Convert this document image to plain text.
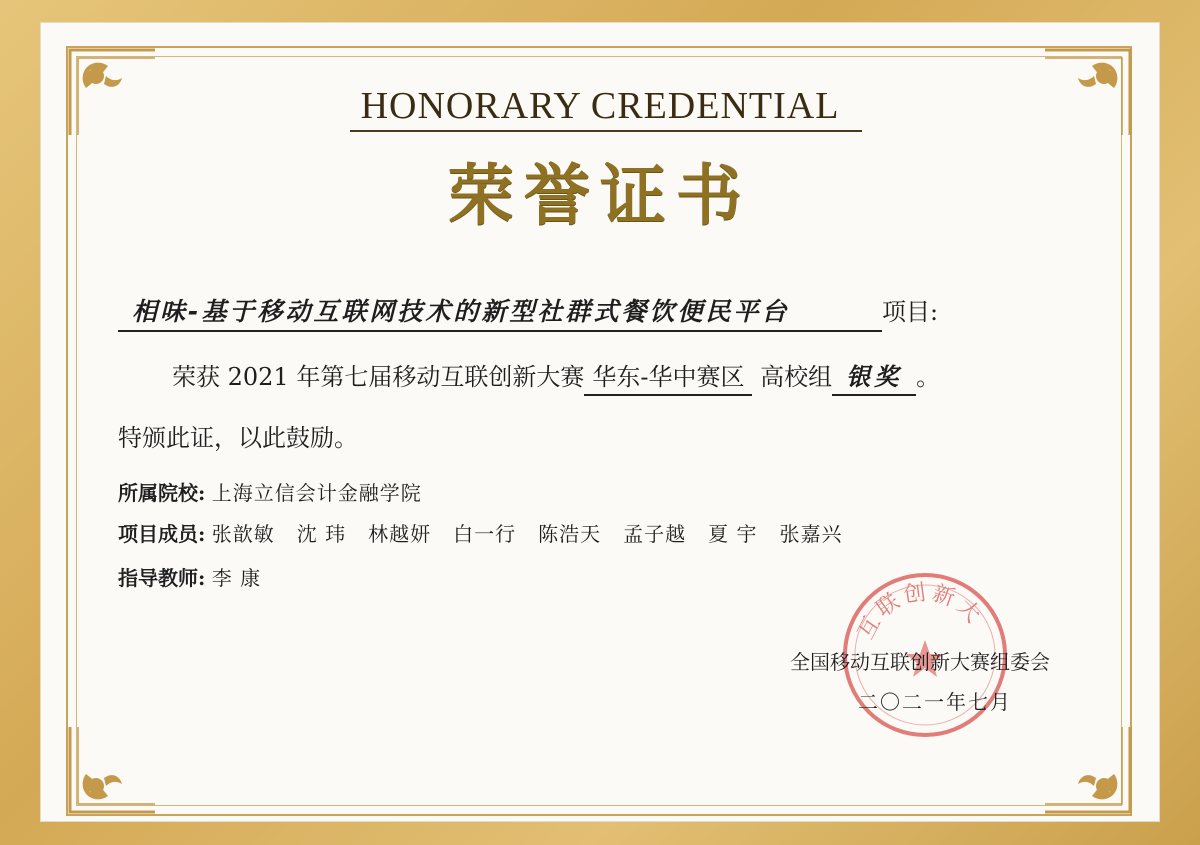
HONORARY CREDENTIAL
荣誉证书
相味-基于移动互联网技术的新型社群式餐饮便民平台	项目:
荣获 2021 年第七届移动互联创新大赛 华东-华中赛区 高校组 银奖 。
特颁此证，以此鼓励。
所属院校: 上海立信会计金融学院
项目成员: 张歆敏 沈 玮 林越妍 白一行 陈浩天 孟子越 夏 宇 张嘉兴
指导教师: 李 康
互联创新大
全国移动互联创新大赛组委会
二〇二一年七月
